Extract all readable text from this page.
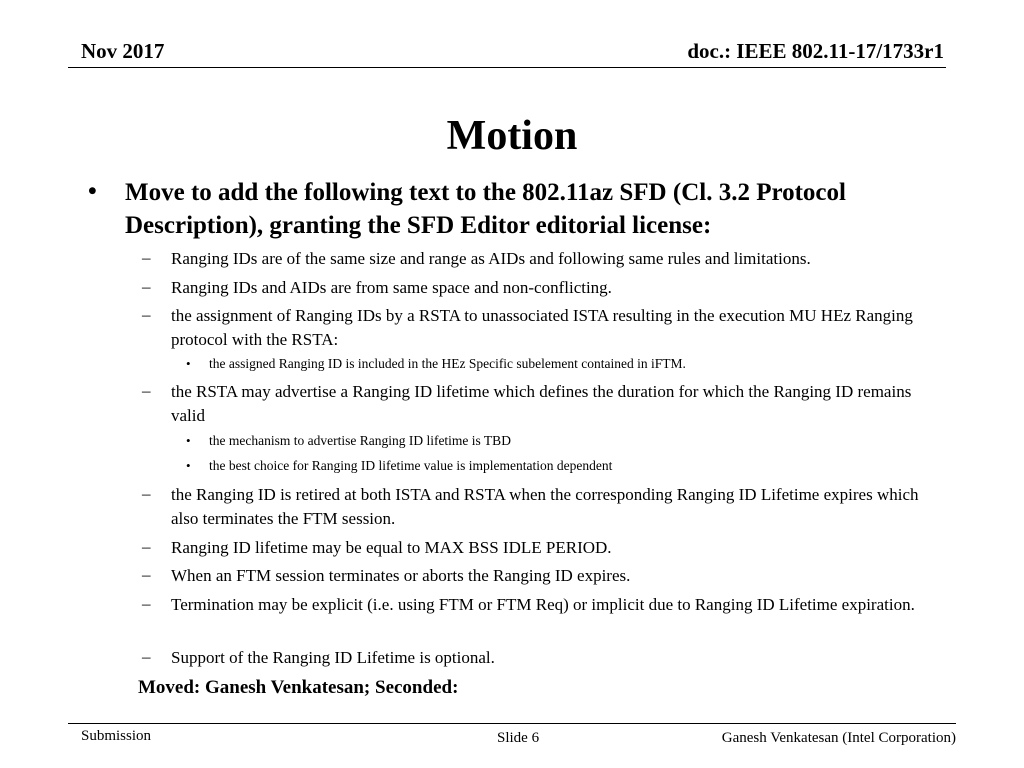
Nov 2017	doc.: IEEE 802.11-17/1733r1
Motion
• Move to add the following text to the 802.11az SFD (Cl. 3.2 Protocol Description), granting the SFD Editor editorial license:
– Ranging IDs are of the same size and range as AIDs and following same rules and limitations.
– Ranging IDs and AIDs are from same space and non-conflicting.
– the assignment of Ranging IDs by a RSTA to unassociated ISTA resulting in the execution MU HEz Ranging protocol with the RSTA:
• the assigned Ranging ID is included in the HEz Specific subelement contained in iFTM.
– the RSTA may advertise a Ranging ID lifetime which defines the duration for which the Ranging ID remains valid
• the mechanism to advertise Ranging ID lifetime is TBD
• the best choice for Ranging ID lifetime value is implementation dependent
– the Ranging ID is retired at both ISTA and RSTA when the corresponding Ranging ID Lifetime expires which also terminates the FTM session.
– Ranging ID lifetime may be equal to MAX BSS IDLE PERIOD.
– When an FTM session terminates or aborts the Ranging ID expires.
– Termination may be explicit (i.e. using FTM or FTM Req) or implicit due to Ranging ID Lifetime expiration.
– Support of the Ranging ID Lifetime is optional.
Moved: Ganesh Venkatesan; Seconded:
Submission	Slide 6	Ganesh Venkatesan (Intel Corporation)
